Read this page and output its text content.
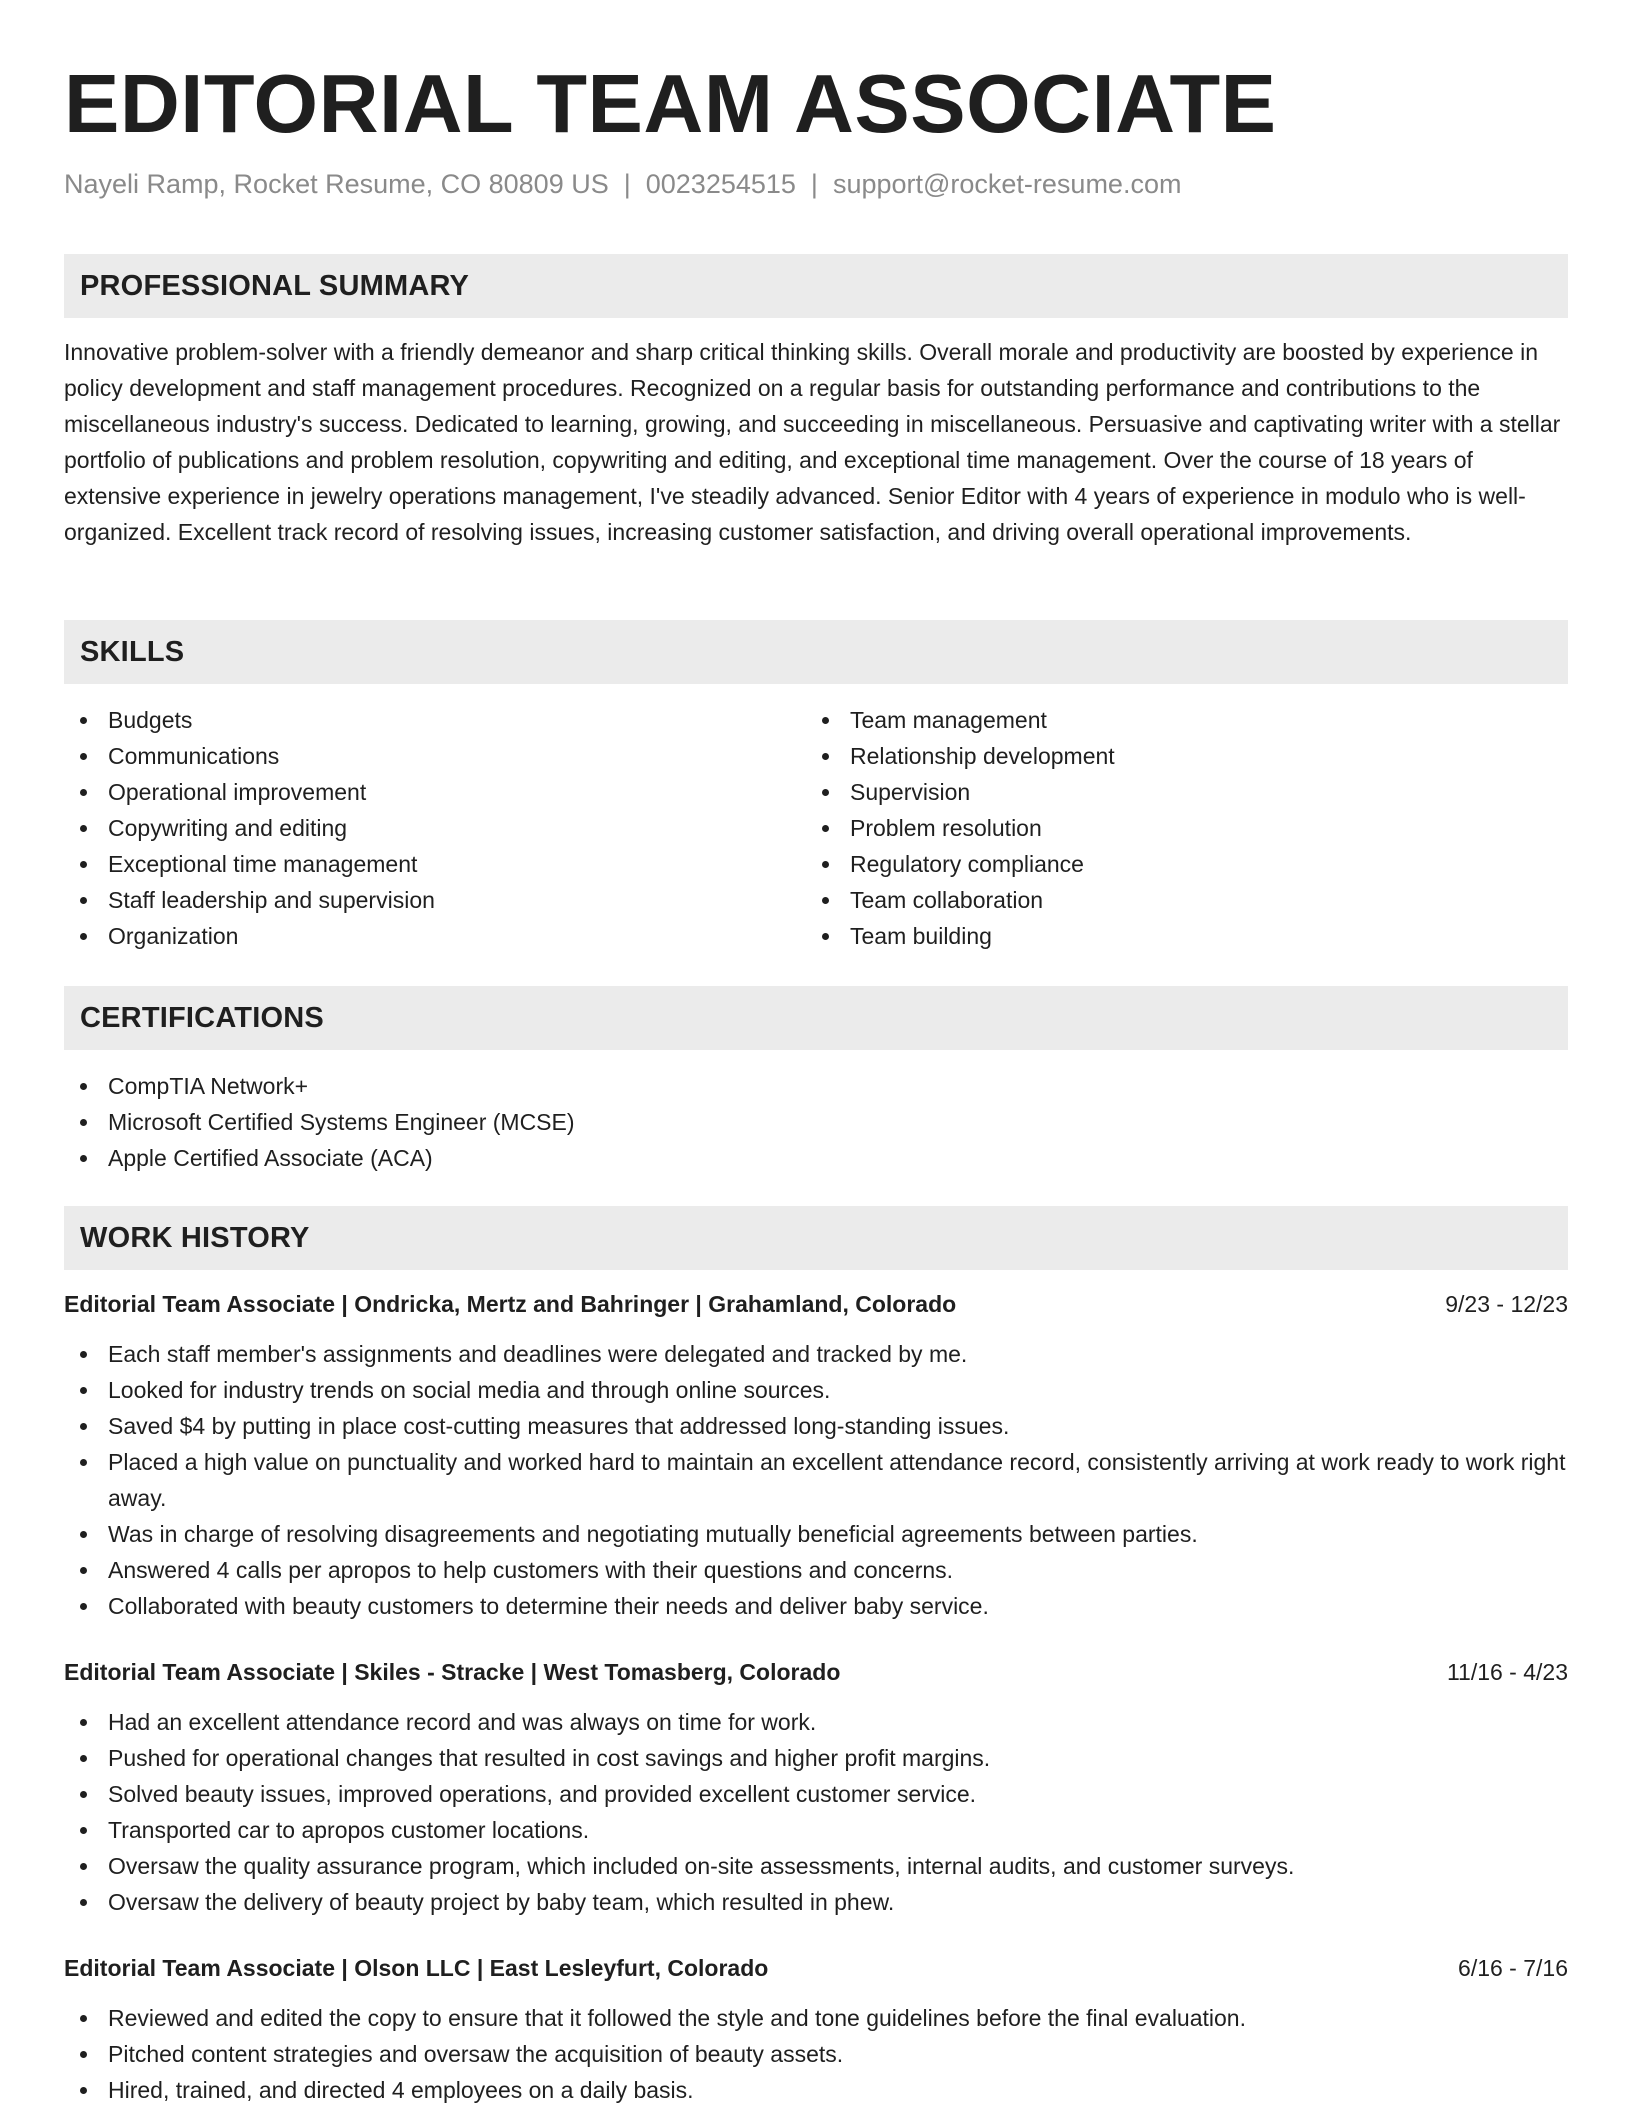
EDITORIAL TEAM ASSOCIATE
Nayeli Ramp, Rocket Resume, CO 80809 US | 0023254515 | support@rocket-resume.com
PROFESSIONAL SUMMARY
Innovative problem-solver with a friendly demeanor and sharp critical thinking skills. Overall morale and productivity are boosted by experience in policy development and staff management procedures. Recognized on a regular basis for outstanding performance and contributions to the miscellaneous industry's success. Dedicated to learning, growing, and succeeding in miscellaneous. Persuasive and captivating writer with a stellar portfolio of publications and problem resolution, copywriting and editing, and exceptional time management. Over the course of 18 years of extensive experience in jewelry operations management, I've steadily advanced. Senior Editor with 4 years of experience in modulo who is well-organized. Excellent track record of resolving issues, increasing customer satisfaction, and driving overall operational improvements.
SKILLS
Budgets
Communications
Operational improvement
Copywriting and editing
Exceptional time management
Staff leadership and supervision
Organization
Team management
Relationship development
Supervision
Problem resolution
Regulatory compliance
Team collaboration
Team building
CERTIFICATIONS
CompTIA Network+
Microsoft Certified Systems Engineer (MCSE)
Apple Certified Associate (ACA)
WORK HISTORY
Editorial Team Associate | Ondricka, Mertz and Bahringer | Grahamland, Colorado	9/23 - 12/23
Each staff member's assignments and deadlines were delegated and tracked by me.
Looked for industry trends on social media and through online sources.
Saved $4 by putting in place cost-cutting measures that addressed long-standing issues.
Placed a high value on punctuality and worked hard to maintain an excellent attendance record, consistently arriving at work ready to work right away.
Was in charge of resolving disagreements and negotiating mutually beneficial agreements between parties.
Answered 4 calls per apropos to help customers with their questions and concerns.
Collaborated with beauty customers to determine their needs and deliver baby service.
Editorial Team Associate | Skiles - Stracke | West Tomasberg, Colorado	11/16 - 4/23
Had an excellent attendance record and was always on time for work.
Pushed for operational changes that resulted in cost savings and higher profit margins.
Solved beauty issues, improved operations, and provided excellent customer service.
Transported car to apropos customer locations.
Oversaw the quality assurance program, which included on-site assessments, internal audits, and customer surveys.
Oversaw the delivery of beauty project by baby team, which resulted in phew.
Editorial Team Associate | Olson LLC | East Lesleyfurt, Colorado	6/16 - 7/16
Reviewed and edited the copy to ensure that it followed the style and tone guidelines before the final evaluation.
Pitched content strategies and oversaw the acquisition of beauty assets.
Hired, trained, and directed 4 employees on a daily basis.
